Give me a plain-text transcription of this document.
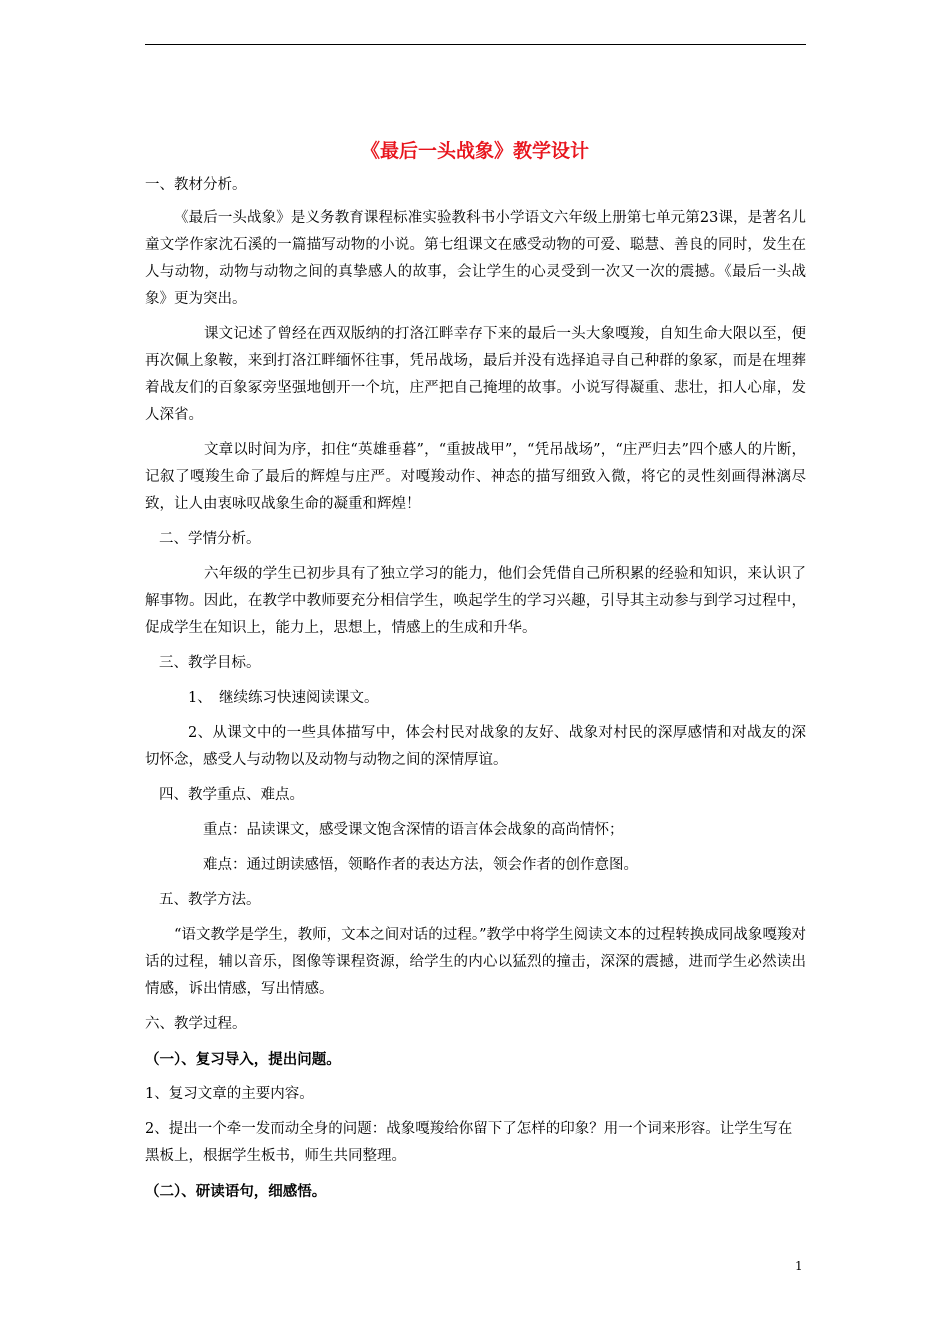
《最后一头战象》教学设计

一、教材分析。

《最后一头战象》是义务教育课程标准实验教科书小学语文六年级上册第七单元第23课，是著名儿童文学作家沈石溪的一篇描写动物的小说。第七组课文在感受动物的可爱、聪慧、善良的同时，发生在人与动物，动物与动物之间的真挚感人的故事，会让学生的心灵受到一次又一次的震撼。《最后一头战象》更为突出。

课文记述了曾经在西双版纳的打洛江畔幸存下来的最后一头大象嘎羧，自知生命大限以至，便再次佩上象鞍，来到打洛江畔缅怀往事，凭吊战场，最后并没有选择追寻自己种群的象冢，而是在埋葬着战友们的百象冢旁坚强地刨开一个坑，庄严把自己掩埋的故事。小说写得凝重、悲壮，扣人心扉，发人深省。

文章以时间为序，扣住“英雄垂暮”，“重披战甲”，“凭吊战场”，“庄严归去”四个感人的片断，记叙了嘎羧生命了最后的辉煌与庄严。对嘎羧动作、神态的描写细致入微，将它的灵性刻画得淋漓尽致，让人由衷咏叹战象生命的凝重和辉煌！

二、学情分析。

六年级的学生已初步具有了独立学习的能力，他们会凭借自己所积累的经验和知识，来认识了解事物。因此，在教学中教师要充分相信学生，唤起学生的学习兴趣，引导其主动参与到学习过程中，促成学生在知识上，能力上，思想上，情感上的生成和升华。

三、教学目标。

1、　继续练习快速阅读课文。

2、从课文中的一些具体描写中，体会村民对战象的友好、战象对村民的深厚感情和对战友的深切怀念，感受人与动物以及动物与动物之间的深情厚谊。

四、教学重点、难点。

重点：品读课文，感受课文饱含深情的语言体会战象的高尚情怀；

难点：通过朗读感悟，领略作者的表达方法，领会作者的创作意图。

五、教学方法。

“语文教学是学生，教师，文本之间对话的过程。”教学中将学生阅读文本的过程转换成同战象嘎羧对话的过程，辅以音乐，图像等课程资源，给学生的内心以猛烈的撞击，深深的震撼，进而学生必然读出情感，诉出情感，写出情感。

六、教学过程。

（一）、复习导入，提出问题。

1、复习文章的主要内容。

2、提出一个牵一发而动全身的问题：战象嘎羧给你留下了怎样的印象？用一个词来形容。让学生写在黑板上，根据学生板书，师生共同整理。

（二）、研读语句，细感悟。

1
